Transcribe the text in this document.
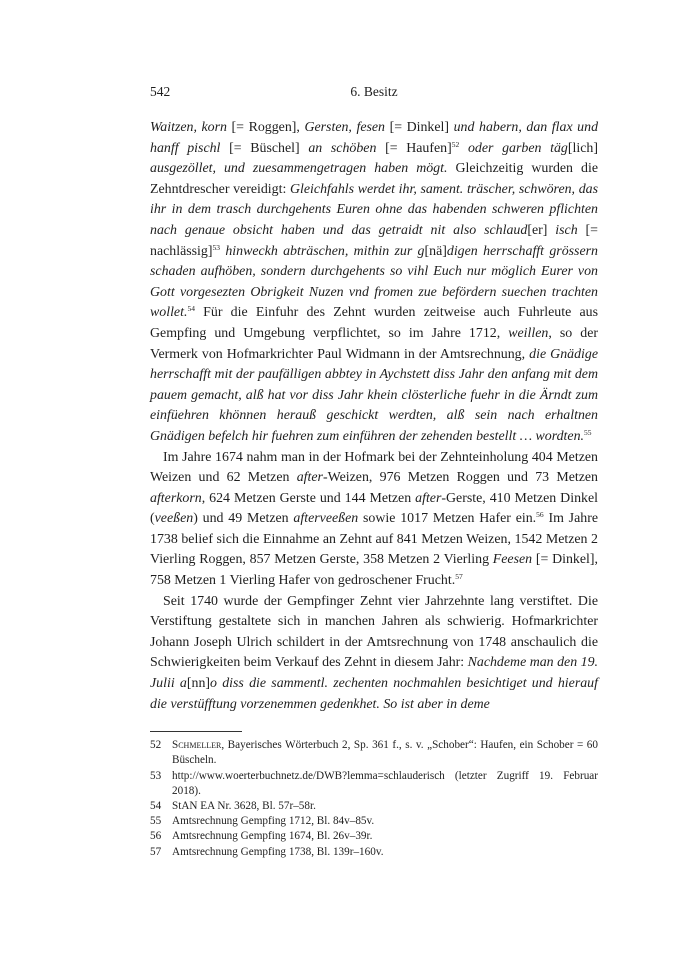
542	6. Besitz

Waitzen, korn [= Roggen], Gersten, fesen [= Dinkel] und habern, dan flax und hanff pischl [= Büschel] an schöben [= Haufen]$^{52}$ oder garben täg[lich] ausgezöllet, und zuesammengetragen haben mögt. Gleichzeitig wurden die Zehntdrescher vereidigt: Gleichfahls werdet ihr, sament. träscher, schwören, das ihr in dem trasch durchgehents Euren ohne das habenden schweren pflichten nach genaue obsicht haben und das getraidt nit also schlaud[er] isch [= nachlässig]$^{53}$ hinweckh abträschen, mithin zur g[nä]digen herrschafft grössern schaden aufhöben, sondern durchgehents so vihl Euch nur möglich Eurer von Gott vorgesezten Obrigkeit Nuzen vnd fromen zue befördern suechen trachten wollet.$^{54}$ Für die Einfuhr des Zehnt wurden zeitweise auch Fuhrleute aus Gempfing und Umgebung verpflichtet, so im Jahre 1712, weillen, so der Vermerk von Hofmarkrichter Paul Widmann in der Amtsrechnung, die Gnädige herrschafft mit der paufälligen abbtey in Aychstett diss Jahr den anfang mit dem pauem gemacht, alß hat vor diss Jahr khein clösterliche fuehr in die Ärndt zum einfüehren khönnen herauß geschickt werdten, alß sein nach erhaltnen Gnädigen befelch hir fuehren zum einführen der zehenden bestellt … wordten.$^{55}$

Im Jahre 1674 nahm man in der Hofmark bei der Zehnteinholung 404 Metzen Weizen und 62 Metzen after-Weizen, 976 Metzen Roggen und 73 Metzen afterkorn, 624 Metzen Gerste und 144 Metzen after-Gerste, 410 Metzen Dinkel (veeßen) und 49 Metzen afterveeßen sowie 1017 Metzen Hafer ein.$^{56}$ Im Jahre 1738 belief sich die Einnahme an Zehnt auf 841 Metzen Weizen, 1542 Metzen 2 Vierling Roggen, 857 Metzen Gerste, 358 Metzen 2 Vierling Feesen [= Dinkel], 758 Metzen 1 Vierling Hafer von gedroschener Frucht.$^{57}$

Seit 1740 wurde der Gempfinger Zehnt vier Jahrzehnte lang verstiftet. Die Verstiftung gestaltete sich in manchen Jahren als schwierig. Hofmarkrichter Johann Joseph Ulrich schildert in der Amtsrechnung von 1748 anschaulich die Schwierigkeiten beim Verkauf des Zehnt in diesem Jahr: Nachdeme man den 19. Julii a[nn]o diss die sammentl. zechenten nochmahlen besichtiget und hierauf die verstüfftung vorzenemmen gedenkhet. So ist aber in deme

52 Schmeller, Bayerisches Wörterbuch 2, Sp. 361 f., s. v. „Schober“: Haufen, ein Schober = 60 Büscheln.
53 http://www.woerterbuchnetz.de/DWB?lemma=schlauderisch (letzter Zugriff 19. Februar 2018).
54 StAN EA Nr. 3628, Bl. 57r–58r.
55 Amtsrechnung Gempfing 1712, Bl. 84v–85v.
56 Amtsrechnung Gempfing 1674, Bl. 26v–39r.
57 Amtsrechnung Gempfing 1738, Bl. 139r–160v.
